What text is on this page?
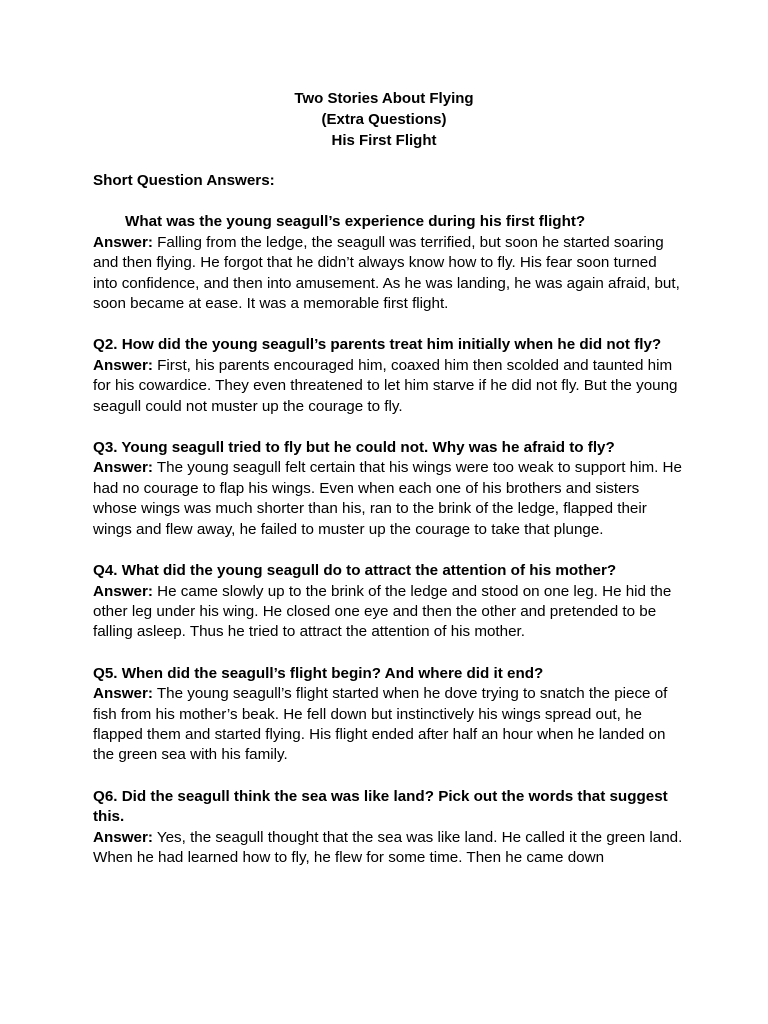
Two Stories About Flying
(Extra Questions)
His First Flight

Short Question Answers:

What was the young seagull’s experience during his first flight?

Answer: Falling from the ledge, the seagull was terrified, but soon he started soaring and then flying. He forgot that he didn’t always know how to fly. His fear soon turned into confidence, and then into amusement. As he was landing, he was again afraid, but, soon became at ease. It was a memorable first flight.

Q2. How did the young seagull’s parents treat him initially when he did not fly?

Answer: First, his parents encouraged him, coaxed him then scolded and taunted him for his cowardice. They even threatened to let him starve if he did not fly. But the young seagull could not muster up the courage to fly.

Q3. Young seagull tried to fly but he could not. Why was he afraid to fly?

Answer: The young seagull felt certain that his wings were too weak to support him. He had no courage to flap his wings. Even when each one of his brothers and sisters whose wings was much shorter than his, ran to the brink of the ledge, flapped their wings and flew away, he failed to muster up the courage to take that plunge.

Q4. What did the young seagull do to attract the attention of his mother?

Answer: He came slowly up to the brink of the ledge and stood on one leg. He hid the other leg under his wing. He closed one eye and then the other and pretended to be falling asleep. Thus he tried to attract the attention of his mother.

Q5. When did the seagull’s flight begin? And where did it end?

Answer: The young seagull’s flight started when he dove trying to snatch the piece of fish from his mother’s beak. He fell down but instinctively his wings spread out, he flapped them and started flying. His flight ended after half an hour when he landed on the green sea with his family.

Q6. Did the seagull think the sea was like land? Pick out the words that suggest this.

Answer: Yes, the seagull thought that the sea was like land. He called it the green land. When he had learned how to fly, he flew for some time. Then he came down
